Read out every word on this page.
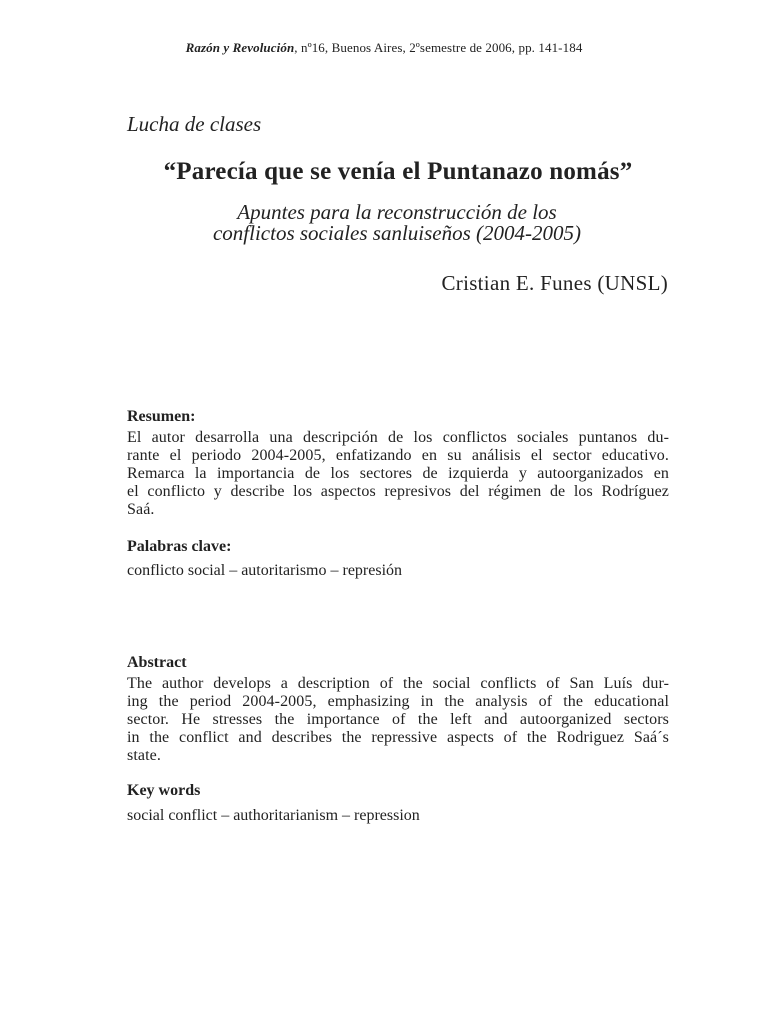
Razón y Revolución, nº16, Buenos Aires, 2ºsemestre de 2006, pp. 141-184
Lucha de clases
“Parecía que se venía el Puntanazo nomás”
Apuntes para la reconstrucción de los
conflictos sociales sanluiseños (2004-2005)
Cristian E. Funes (UNSL)

Resumen:

El autor desarrolla una descripción de los conflictos sociales puntanos du-
rante el periodo 2004-2005, enfatizando en su análisis el sector educativo.
Remarca la importancia de los sectores de izquierda y autoorganizados en
el conflicto y describe los aspectos represivos del régimen de los Rodríguez
Saá.

Palabras clave:

conflicto social – autoritarismo – represión

Abstract

The author develops a description of the social conflicts of San Luís dur-
ing the period 2004-2005, emphasizing in the analysis of the educational
sector. He stresses the importance of the left and autoorganized sectors
in the conflict and describes the repressive aspects of the Rodriguez Saá´s
state.

Key words

social conflict – authoritarianism – repression
